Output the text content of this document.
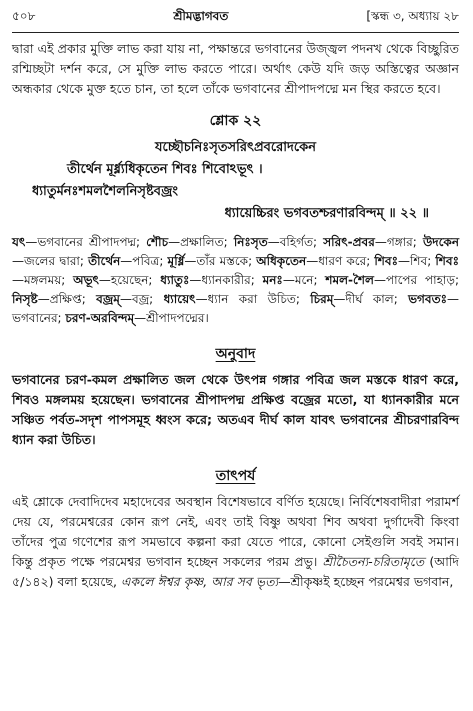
৫০৮	শ্রীমদ্ভাগবত	[স্কন্ধ ৩, অধ্যায় ২৮

দ্বারা এই প্রকার মুক্তি লাভ করা যায় না, পক্ষান্তরে ভগবানের উজ্জ্বল পদনখ থেকে বিচ্ছুরিত রশ্মিচ্ছটা দর্শন করে, সে মুক্তি লাভ করতে পারে। অর্থাৎ কেউ যদি জড় অস্তিত্বের অজ্ঞান অন্ধকার থেকে মুক্ত হতে চান, তা হলে তাঁকে ভগবানের শ্রীপাদপদ্মে মন স্থির করতে হবে।

শ্লোক ২২
যচ্ছৌচনিঃসৃতসরিৎপ্রবরোদকেন
তীর্থেন মূর্ধ্ন্যধিকৃতেন শিবঃ শিবোঽভূৎ ।
ধ্যাতুর্মনঃশমলশৈলনিসৃষ্টবজ্রং
ধ্যায়েচ্চিরং ভগবতশ্চরণারবিন্দম্ ॥ ২২ ॥

যৎ—ভগবানের শ্রীপাদপদ্ম; শৌচ—প্রক্ষালিত; নিঃসৃত—বহির্গত; সরিৎ-প্রবর—গঙ্গার; উদকেন—জলের দ্বারা; তীর্থেন—পবিত্র; মূর্ধ্নি—তাঁর মস্তকে; অধিকৃতেন—ধারণ করে; শিবঃ—শিব; শিবঃ—মঙ্গলময়; অভূৎ—হয়েছেন; ধ্যাতুঃ—ধ্যানকারীর; মনঃ—মনে; শমল-শৈল—পাপের পাহাড়; নিসৃষ্ট—প্রক্ষিপ্ত; বজ্রম্—বজ্র; ধ্যায়েৎ—ধ্যান করা উচিত; চিরম্—দীর্ঘ কাল; ভগবতঃ—ভগবানের; চরণ-অরবিন্দম্—শ্রীপাদপদ্মের।

অনুবাদ

ভগবানের চরণ-কমল প্রক্ষালিত জল থেকে উৎপন্ন গঙ্গার পবিত্র জল মস্তকে ধারণ করে, শিবও মঙ্গলময় হয়েছেন। ভগবানের শ্রীপাদপদ্ম প্রক্ষিপ্ত বজ্রের মতো, যা ধ্যানকারীর মনে সঞ্চিত পর্বত-সদৃশ পাপসমূহ ধ্বংস করে; অতএব দীর্ঘ কাল যাবৎ ভগবানের শ্রীচরণারবিন্দ ধ্যান করা উচিত।

তাৎপর্য

এই শ্লোকে দেবাদিদেব মহাদেবের অবস্থান বিশেষভাবে বর্ণিত হয়েছে। নির্বিশেষবাদীরা পরামর্শ দেয় যে, পরমেশ্বরের কোন রূপ নেই, এবং তাই বিষ্ণু অথবা শিব অথবা দুর্গাদেবী কিংবা তাঁদের পুত্র গণেশের রূপ সমভাবে কল্পনা করা যেতে পারে, কোনো সেইগুলি সবই সমান। কিন্তু প্রকৃত পক্ষে পরমেশ্বর ভগবান হচ্ছেন সকলের পরম প্রভু। শ্রীচৈতন্য-চরিতামৃতে (আদি ৫/১৪২) বলা হয়েছে, একলে ঈশ্বর কৃষ্ণ, আর সব ভৃত্য—শ্রীকৃষ্ণই হচ্ছেন পরমেশ্বর ভগবান,
